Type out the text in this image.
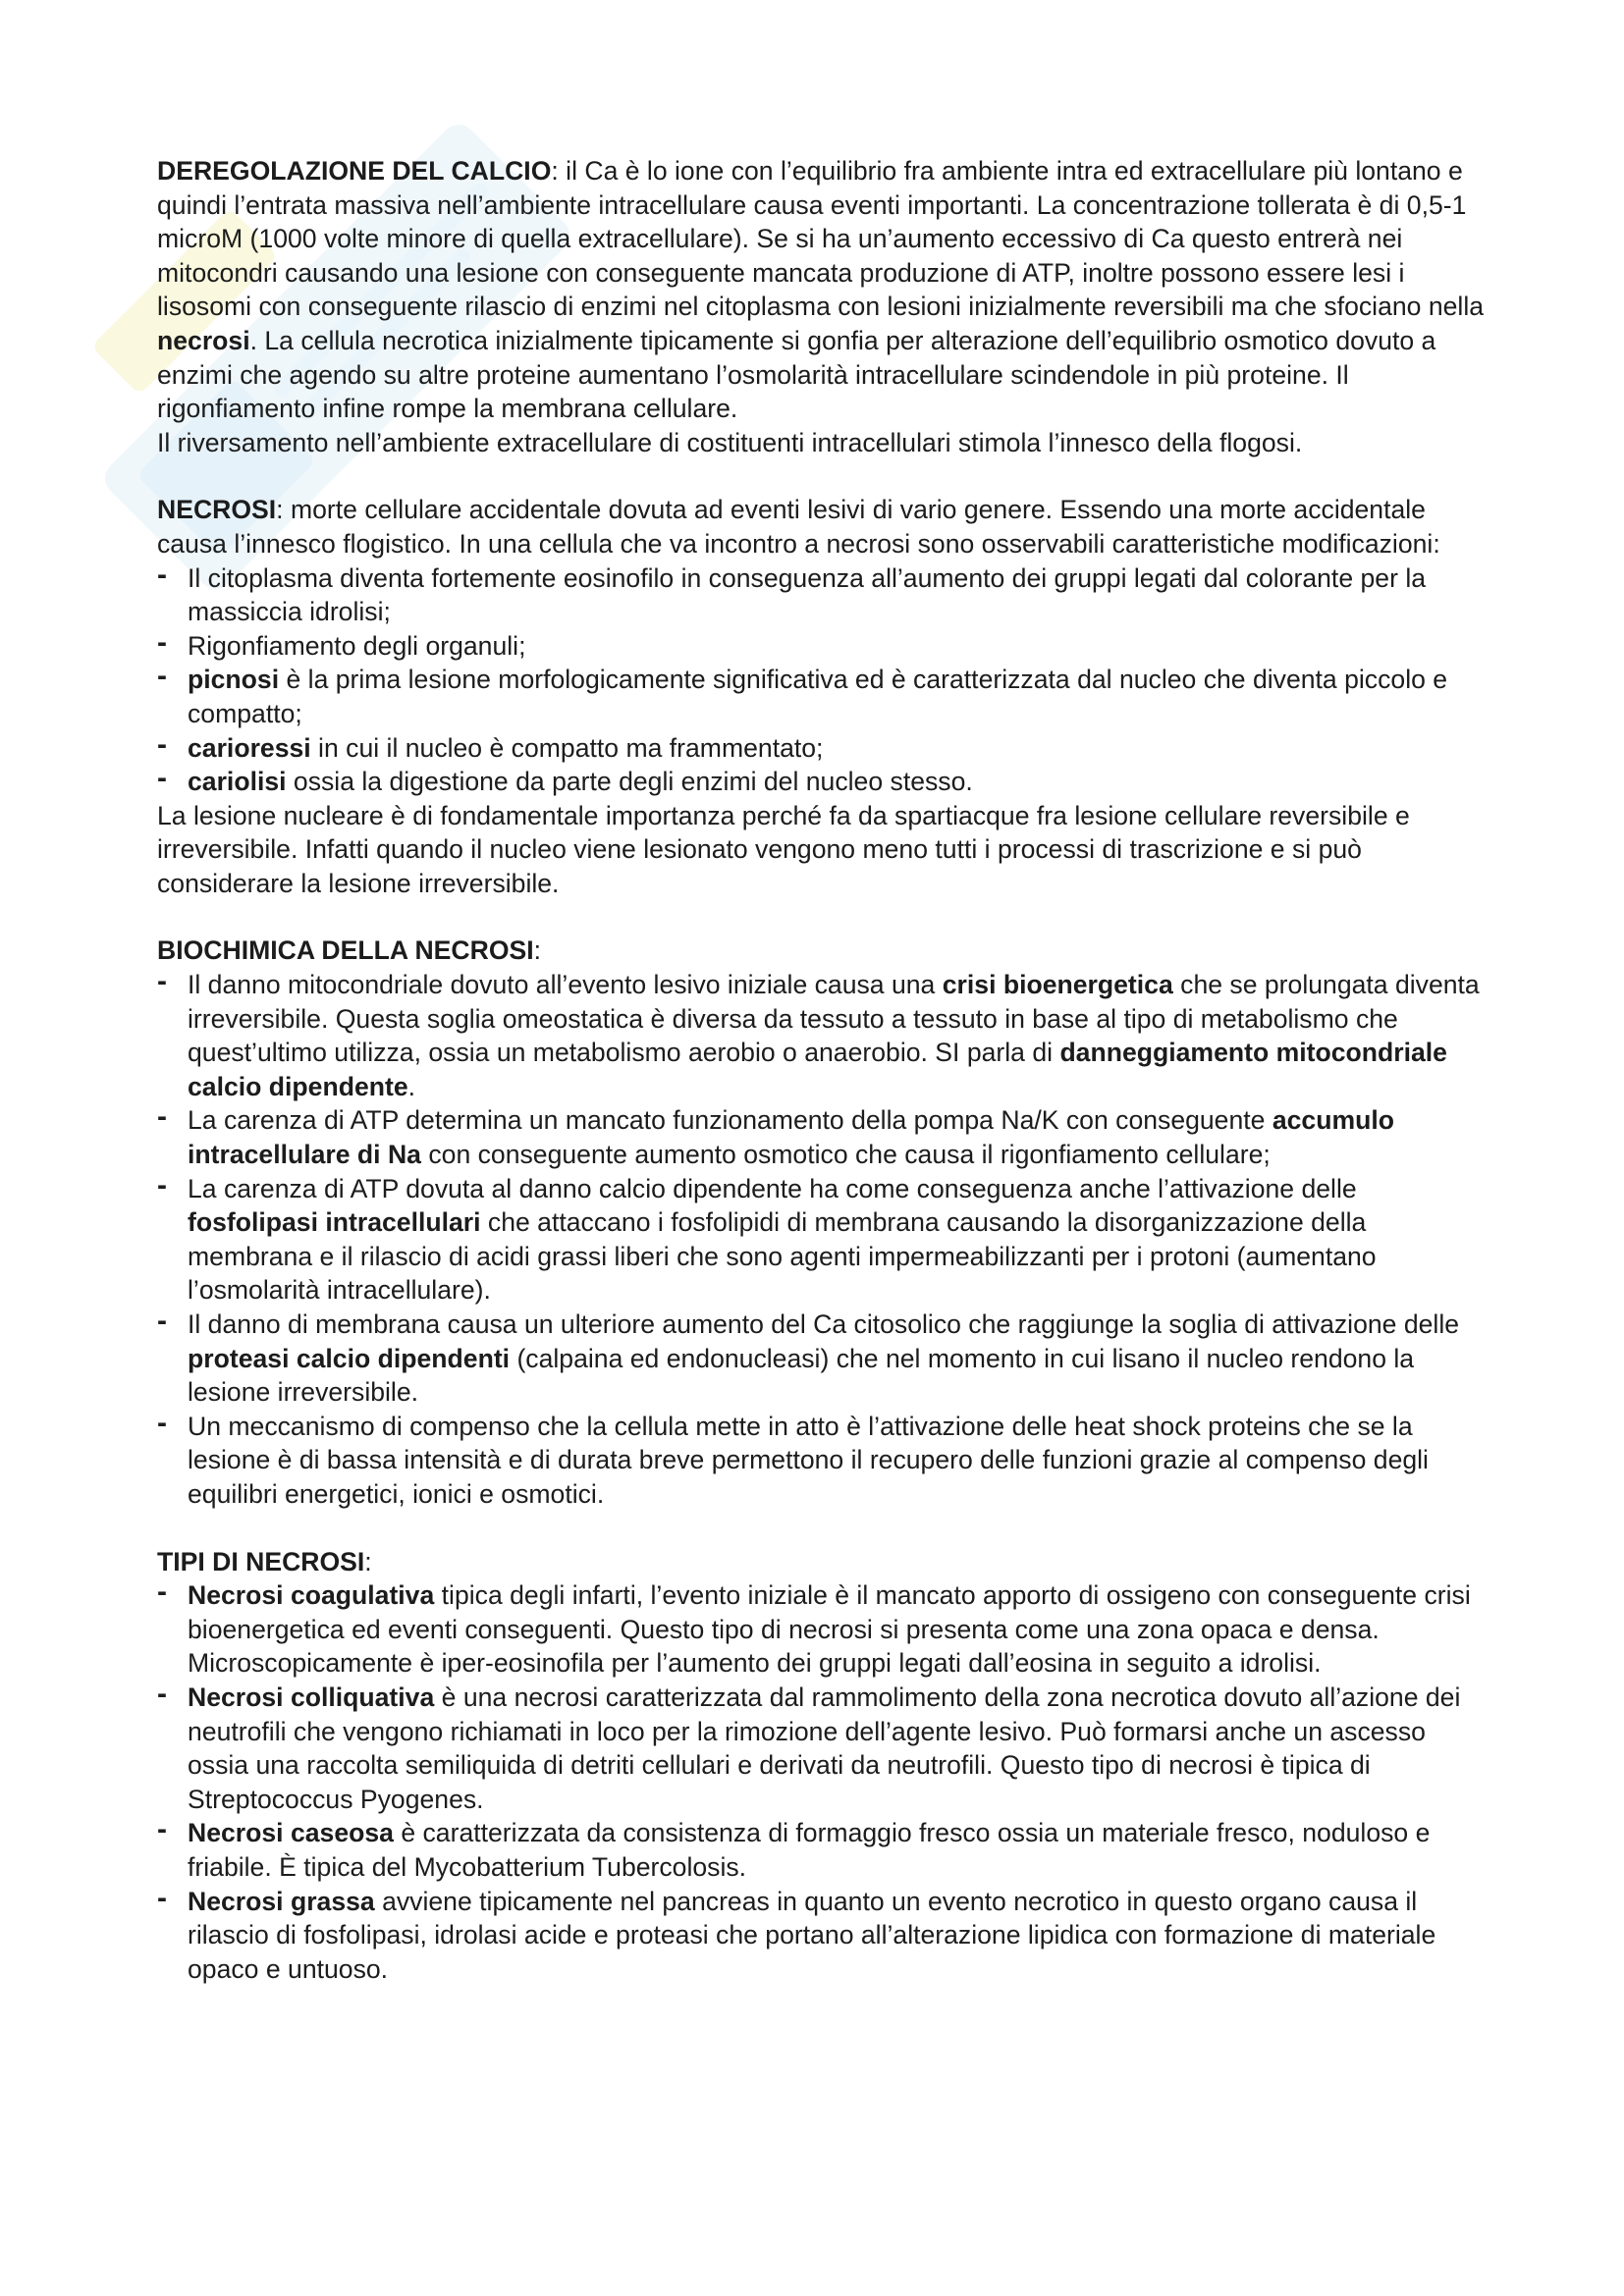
DEREGOLAZIONE DEL CALCIO: il Ca è lo ione con l’equilibrio fra ambiente intra ed extracellulare più lontano e quindi l’entrata massiva nell’ambiente intracellulare causa eventi importanti. La concentrazione tollerata è di 0,5-1 microM (1000 volte minore di quella extracellulare). Se si ha un’aumento eccessivo di Ca questo entrerà nei mitocondri causando una lesione con conseguente mancata produzione di ATP, inoltre possono essere lesi i lisosomi con conseguente rilascio di enzimi nel citoplasma con lesioni inizialmente reversibili ma che sfociano nella necrosi. La cellula necrotica inizialmente tipicamente si gonfia per alterazione dell’equilibrio osmotico dovuto a enzimi che agendo su altre proteine aumentano l’osmolarità intracellulare scindendole in più proteine. Il rigonfiamento infine rompe la membrana cellulare.

Il riversamento nell’ambiente extracellulare di costituenti intracellulari stimola l’innesco della flogosi.

NECROSI: morte cellulare accidentale dovuta ad eventi lesivi di vario genere. Essendo una morte accidentale causa l’innesco flogistico. In una cellula che va incontro a necrosi sono osservabili caratteristiche modificazioni:

- Il citoplasma diventa fortemente eosinofilo in conseguenza all’aumento dei gruppi legati dal colorante per la massiccia idrolisi;
- Rigonfiamento degli organuli;
- picnosi è la prima lesione morfologicamente significativa ed è caratterizzata dal nucleo che diventa piccolo e compatto;
- carioressi in cui il nucleo è compatto ma frammentato;
- cariolisi ossia la digestione da parte degli enzimi del nucleo stesso.

La lesione nucleare è di fondamentale importanza perché fa da spartiacque fra lesione cellulare reversibile e irreversibile. Infatti quando il nucleo viene lesionato vengono meno tutti i processi di trascrizione e si può considerare la lesione irreversibile.

BIOCHIMICA DELLA NECROSI:

- Il danno mitocondriale dovuto all’evento lesivo iniziale causa una crisi bioenergetica che se prolungata diventa irreversibile. Questa soglia omeostatica è diversa da tessuto a tessuto in base al tipo di metabolismo che quest’ultimo utilizza, ossia un metabolismo aerobio o anaerobio. SI parla di danneggiamento mitocondriale calcio dipendente.
- La carenza di ATP determina un mancato funzionamento della pompa Na/K con conseguente accumulo intracellulare di Na con conseguente aumento osmotico che causa il rigonfiamento cellulare;
- La carenza di ATP dovuta al danno calcio dipendente ha come conseguenza anche l’attivazione delle fosfolipasi intracellulari che attaccano i fosfolipidi di membrana causando la disorganizzazione della membrana e il rilascio di acidi grassi liberi che sono agenti impermeabilizzanti per i protoni (aumentano l’osmolarità intracellulare).
- Il danno di membrana causa un ulteriore aumento del Ca citosolico che raggiunge la soglia di attivazione delle proteasi calcio dipendenti (calpaina ed endonucleasi) che nel momento in cui lisano il nucleo rendono la lesione irreversibile.
- Un meccanismo di compenso che la cellula mette in atto è l’attivazione delle heat shock proteins che se la lesione è di bassa intensità e di durata breve permettono il recupero delle funzioni grazie al compenso degli equilibri energetici, ionici e osmotici.

TIPI DI NECROSI:

- Necrosi coagulativa tipica degli infarti, l’evento iniziale è il mancato apporto di ossigeno con conseguente crisi bioenergetica ed eventi conseguenti. Questo tipo di necrosi si presenta come una zona opaca e densa. Microscopicamente è iper-eosinofila per l’aumento dei gruppi legati dall’eosina in seguito a idrolisi.
- Necrosi colliquativa è una necrosi caratterizzata dal rammolimento della zona necrotica dovuto all’azione dei neutrofili che vengono richiamati in loco per la rimozione dell’agente lesivo. Può formarsi anche un ascesso ossia una raccolta semiliquida di detriti cellulari e derivati da neutrofili. Questo tipo di necrosi è tipica di Streptococcus Pyogenes.
- Necrosi caseosa è caratterizzata da consistenza di formaggio fresco ossia un materiale fresco, noduloso e friabile. È tipica del Mycobatterium Tubercolosis.
- Necrosi grassa avviene tipicamente nel pancreas in quanto un evento necrotico in questo organo causa il rilascio di fosfolipasi, idrolasi acide e proteasi che portano all’alterazione lipidica con formazione di materiale opaco e untuoso.
